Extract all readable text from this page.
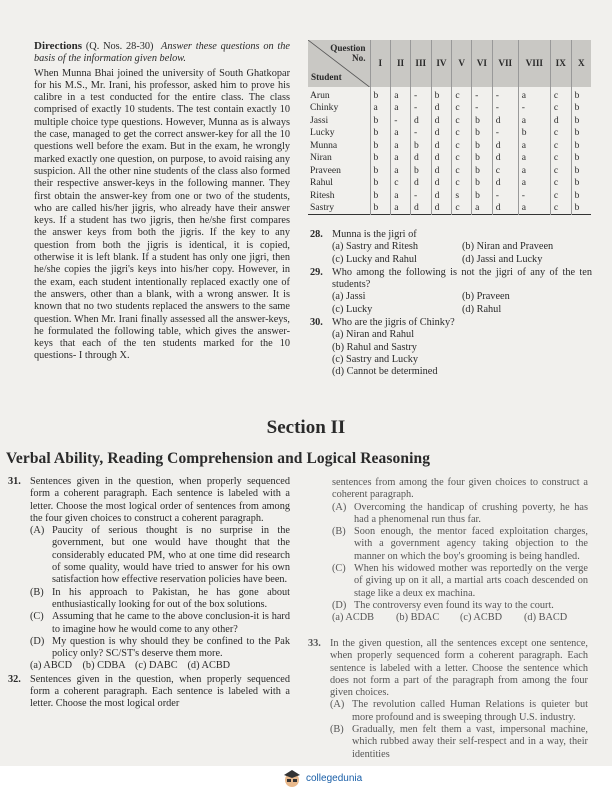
Directions (Q. Nos. 28-30) Answer these questions on the basis of the information given below.

When Munna Bhai joined the university of South Ghatkopar for his M.S., Mr. Irani, his professor, asked him to prove his calibre in a test conducted for the entire class. The class comprised of exactly 10 students. The test contain exactly 10 multiple choice type questions. However, Munna as is always the case, managed to get the correct answer-key for all the 10 questions well before the exam. But in the exam, he wrongly marked exactly one question, on purpose, to avoid raising any suspicion. All the other nine students of the class also formed their respective answer-keys in the following manner. They first obtain the answer-key from one or two of the students, who are called his/her jigris, who already have their answer keys. If a student has two jigris, then he/she first compares the answer keys from both the jigris. If the key to any question from both the jigris is identical, it is copied, otherwise it is left blank. If a student has only one jigri, then he/she copies the jigri's keys into his/her copy. However, in the exam, each student intentionally replaced exactly one of the answers, other than a blank, with a wrong answer. It is known that no two students replaced the answers to the same question. When Mr. Irani finally assessed all the answer-keys, he formulated the following table, which gives the answer-keys that each of the ten students marked for the 10 questions- I through X.

Question No.
Student	I	II	III	IV	V	VI	VII	VIII	IX	X
Arun	b	a	-	b	c	-	-	a	c	b
Chinky	a	a	-	d	c	-	-	-	c	b
Jassi	b	-	d	d	c	b	d	a	d	b
Lucky	b	a	-	d	c	b	-	b	c	b
Munna	b	a	b	d	c	b	d	a	c	b
Niran	b	a	d	d	c	b	d	a	c	b
Praveen	b	a	b	d	c	b	c	a	c	b
Rahul	b	c	d	d	c	b	d	a	c	b
Ritesh	b	a	-	d	s	b	-	-	c	b
Sastry	b	a	d	d	c	a	d	a	c	b
28. Munna is the jigri of
(a) Sastry and Ritesh	(b) Niran and Praveen
(c) Lucky and Rahul	(d) Jassi and Lucky
29. Who among the following is not the jigri of any of the ten students?
(a) Jassi	(b) Praveen
(c) Lucky	(d) Rahul
30. Who are the jigris of Chinky?
(a) Niran and Rahul
(b) Rahul and Sastry
(c) Sastry and Lucky
(d) Cannot be determined
Section II
Verbal Ability, Reading Comprehension and Logical Reasoning
31. Sentences given in the question, when properly sequenced form a coherent paragraph. Each sentence is labeled with a letter. Choose the most logical order of sentences from among the four given choices to construct a coherent paragraph.
(A) Paucity of serious thought is no surprise in the government, but one would have thought that the considerably educated PM, who at one time did research of some quality, would have tried to answer for his own satisfaction how effective reservation policies have been.
(B) In his approach to Pakistan, he has gone about enthusiastically looking for out of the box solutions.
(C) Assuming that he came to the above conclusion-it is hard to imagine how he would come to any other?
(D) My question is why should they be confined to the Pak policy only? SC/ST's deserve them more.
(a) ABCD	(b) CDBA (c) DABC (d) ACBD
32. Sentences given in the question, when properly sequenced form a coherent paragraph. Each sentence is labeled with a letter. Choose the most logical order
sentences from among the four given choices to construct a coherent paragraph.
(A) Overcoming the handicap of crushing poverty, he has had a phenomenal run thus far.
(B) Soon enough, the mentor faced exploitation charges, with a government agency taking objection to the manner on which the boy's grooming is being handled.
(C) When his widowed mother was reportedly on the verge of giving up on it all, a martial arts coach descended on stage like a deux ex machina.
(D) The controversy even found its way to the court.
(a) ACDB	(b) BDAC	(c) ACBD	(d) BACD
33. In the given question, all the sentences except one sentence, when properly sequenced form a coherent paragraph. Each sentence is labeled with a letter. Choose the sentence which does not form a part of the paragraph from among the four given choices.
(A) The revolution called Human Relations is quieter but more profound and is sweeping through U.S. industry.
(B) Gradually, men felt them a vast, impersonal machine, which rubbed away their self-respect and in a way, their identities
collegedunia
